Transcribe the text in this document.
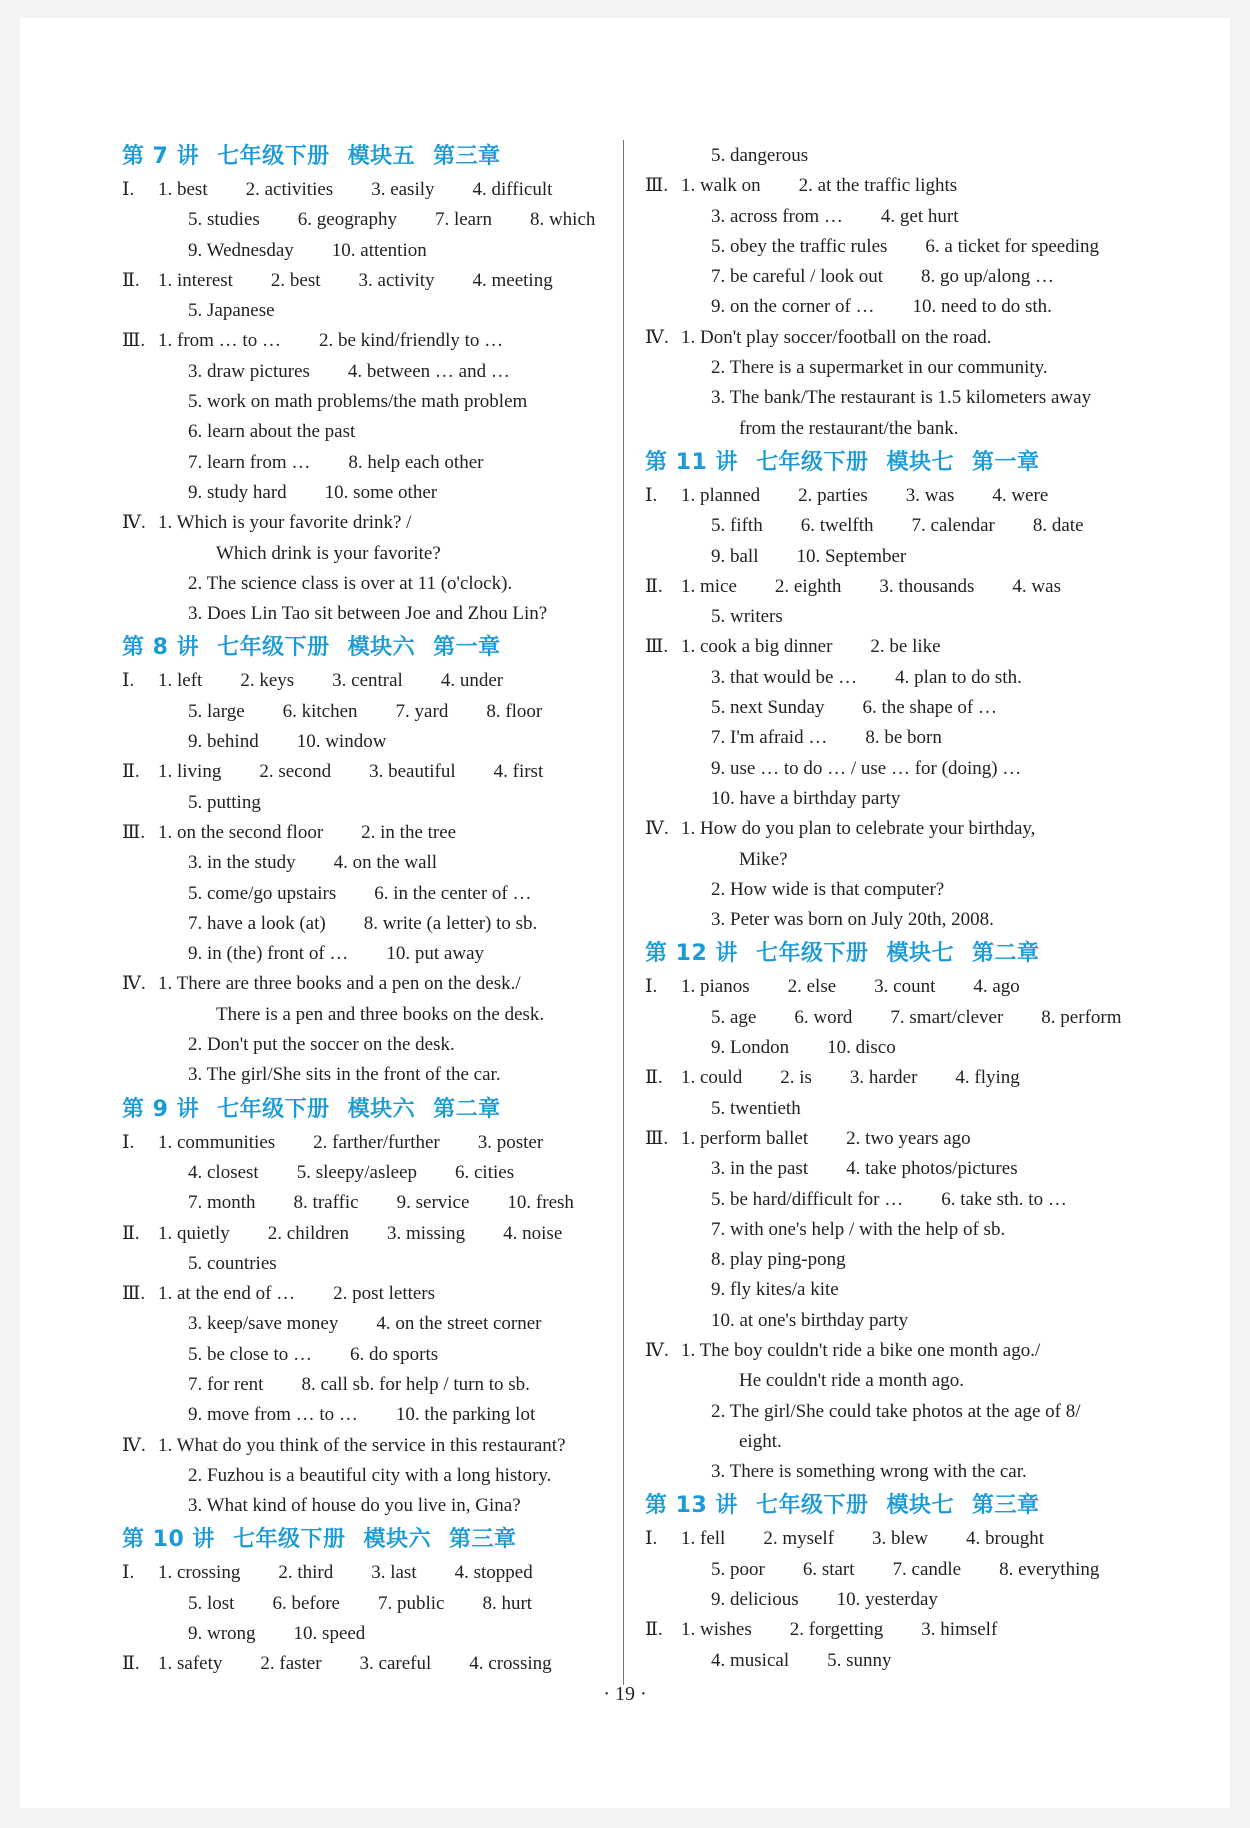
第 7 讲 七年级下册 模块五 第三章
Ⅰ.	1. best  2. activities  3. easily  4. difficult
5. studies  6. geography  7. learn  8. which
9. Wednesday  10. attention
Ⅱ. 1. interest  2. best  3. activity  4. meeting
5. Japanese
Ⅲ. 1. from … to …  2. be kind/friendly to …
3. draw pictures  4. between … and …
5. work on math problems/the math problem
6. learn about the past
7. learn from …  8. help each other
9. study hard  10. some other
Ⅳ. 1. Which is your favorite drink? /
Which drink is your favorite?
2. The science class is over at 11 (o'clock).
3. Does Lin Tao sit between Joe and Zhou Lin?
第 8 讲 七年级下册 模块六 第一章
Ⅰ.	1. left  2. keys  3. central  4. under
5. large  6. kitchen  7. yard  8. floor
9. behind  10. window
Ⅱ. 1. living  2. second  3. beautiful  4. first
5. putting
Ⅲ. 1. on the second floor  2. in the tree
3. in the study  4. on the wall
5. come/go upstairs  6. in the center of …
7. have a look (at)  8. write (a letter) to sb.
9. in (the) front of …  10. put away
Ⅳ. 1. There are three books and a pen on the desk./
There is a pen and three books on the desk.
2. Don't put the soccer on the desk.
3. The girl/She sits in the front of the car.
第 9 讲 七年级下册 模块六 第二章
Ⅰ.	1. communities  2. farther/further  3. poster
4. closest  5. sleepy/asleep  6. cities
7. month  8. traffic  9. service  10. fresh
Ⅱ. 1. quietly  2. children  3. missing  4. noise
5. countries
Ⅲ. 1. at the end of …  2. post letters
3. keep/save money  4. on the street corner
5. be close to …  6. do sports
7. for rent  8. call sb. for help / turn to sb.
9. move from … to …  10. the parking lot
Ⅳ. 1. What do you think of the service in this restaurant?
2. Fuzhou is a beautiful city with a long history.
3. What kind of house do you live in, Gina?
第 10 讲 七年级下册 模块六 第三章
Ⅰ.	1. crossing  2. third  3. last  4. stopped
5. lost  6. before  7. public  8. hurt
9. wrong  10. speed
Ⅱ. 1. safety  2. faster  3. careful  4. crossing
5. dangerous
Ⅲ. 1. walk on  2. at the traffic lights
3. across from …  4. get hurt
5. obey the traffic rules  6. a ticket for speeding
7. be careful / look out  8. go up/along …
9. on the corner of …  10. need to do sth.
Ⅳ. 1. Don't play soccer/football on the road.
2. There is a supermarket in our community.
3. The bank/The restaurant is 1.5 kilometers away
from the restaurant/the bank.
第 11 讲 七年级下册 模块七 第一章
Ⅰ.	1. planned  2. parties  3. was  4. were
5. fifth  6. twelfth  7. calendar  8. date
9. ball  10. September
Ⅱ. 1. mice  2. eighth  3. thousands  4. was
5. writers
Ⅲ. 1. cook a big dinner  2. be like
3. that would be …  4. plan to do sth.
5. next Sunday  6. the shape of …
7. I'm afraid …  8. be born
9. use … to do … / use … for (doing) …
10. have a birthday party
Ⅳ. 1. How do you plan to celebrate your birthday,
Mike?
2. How wide is that computer?
3. Peter was born on July 20th, 2008.
第 12 讲 七年级下册 模块七 第二章
Ⅰ.	1. pianos  2. else  3. count  4. ago
5. age  6. word  7. smart/clever  8. perform
9. London  10. disco
Ⅱ. 1. could  2. is  3. harder  4. flying
5. twentieth
Ⅲ. 1. perform ballet  2. two years ago
3. in the past  4. take photos/pictures
5. be hard/difficult for …  6. take sth. to …
7. with one's help / with the help of sb.
8. play ping-pong
9. fly kites/a kite
10. at one's birthday party
Ⅳ. 1. The boy couldn't ride a bike one month ago./
He couldn't ride a month ago.
2. The girl/She could take photos at the age of 8/
eight.
3. There is something wrong with the car.
第 13 讲 七年级下册 模块七 第三章
Ⅰ.	1. fell  2. myself  3. blew  4. brought
5. poor  6. start  7. candle  8. everything
9. delicious  10. yesterday
Ⅱ. 1. wishes  2. forgetting  3. himself
4. musical  5. sunny
· 19 ·
